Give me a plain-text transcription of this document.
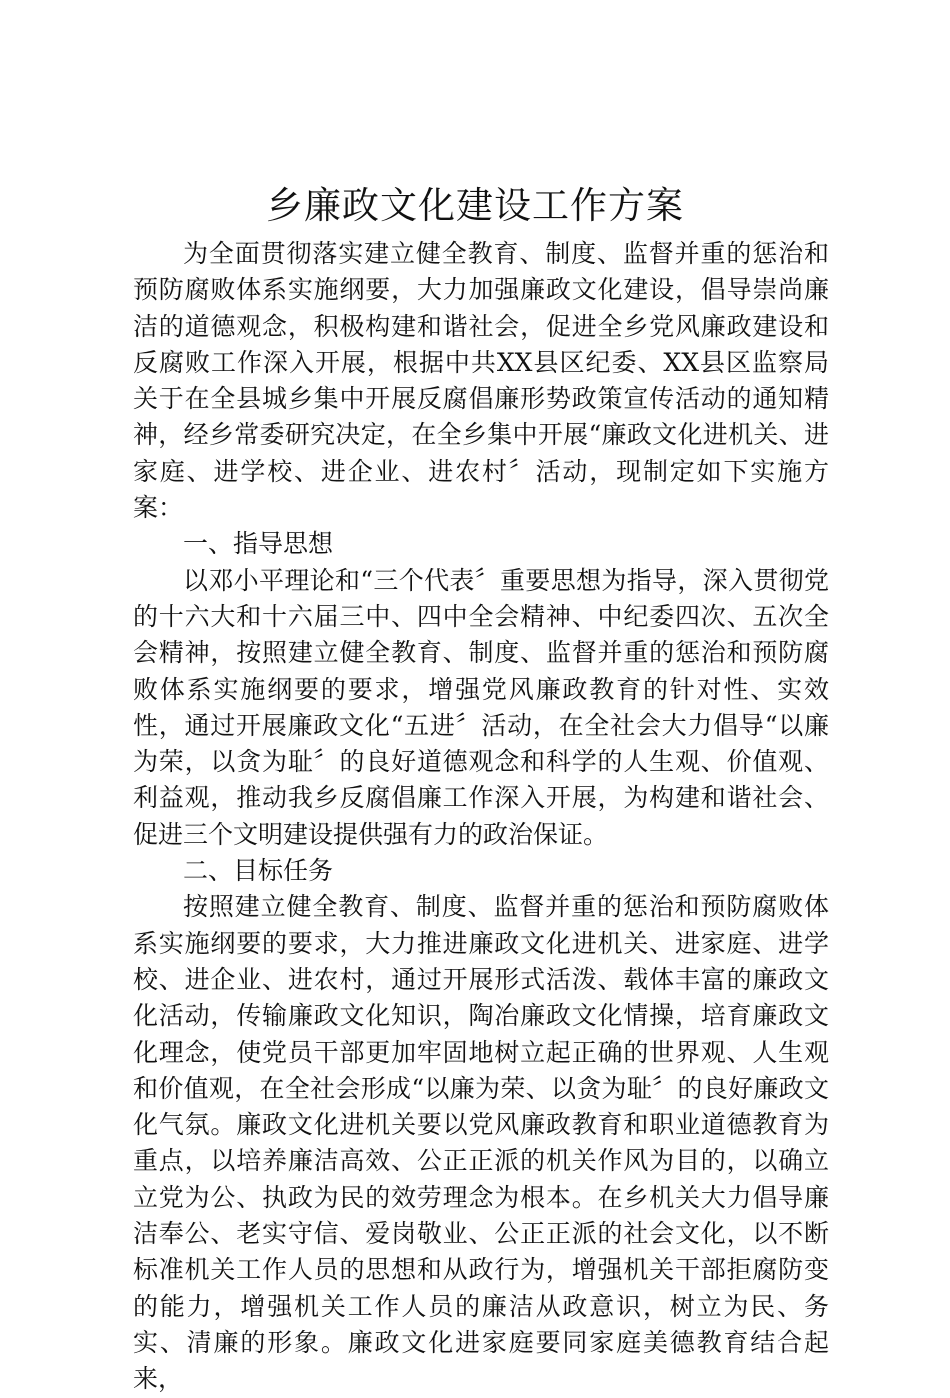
乡廉政文化建设工作方案

为全面贯彻落实建立健全教育、制度、监督并重的惩治和预防腐败体系实施纲要，大力加强廉政文化建设，倡导崇尚廉洁的道德观念，积极构建和谐社会，促进全乡党风廉政建设和反腐败工作深入开展，根据中共XX县区纪委、XX县区监察局关于在全县城乡集中开展反腐倡廉形势政策宣传活动的通知精神，经乡常委研究决定，在全乡集中开展“廉政文化进机关、进家庭、进学校、进企业、进农村〞活动，现制定如下实施方案：

一、指导思想

以邓小平理论和“三个代表〞重要思想为指导，深入贯彻党的十六大和十六届三中、四中全会精神、中纪委四次、五次全会精神，按照建立健全教育、制度、监督并重的惩治和预防腐败体系实施纲要的要求，增强党风廉政教育的针对性、实效性，通过开展廉政文化“五进〞活动，在全社会大力倡导“以廉为荣，以贪为耻〞的良好道德观念和科学的人生观、价值观、利益观，推动我乡反腐倡廉工作深入开展，为构建和谐社会、促进三个文明建设提供强有力的政治保证。

二、目标任务

按照建立健全教育、制度、监督并重的惩治和预防腐败体系实施纲要的要求，大力推进廉政文化进机关、进家庭、进学校、进企业、进农村，通过开展形式活泼、载体丰富的廉政文化活动，传输廉政文化知识，陶冶廉政文化情操，培育廉政文化理念，使党员干部更加牢固地树立起正确的世界观、人生观和价值观，在全社会形成“以廉为荣、以贪为耻〞的良好廉政文化气氛。廉政文化进机关要以党风廉政教育和职业道德教育为重点，以培养廉洁高效、公正正派的机关作风为目的，以确立立党为公、执政为民的效劳理念为根本。在乡机关大力倡导廉洁奉公、老实守信、爱岗敬业、公正正派的社会文化，以不断标准机关工作人员的思想和从政行为，增强机关干部拒腐防变的能力，增强机关工作人员的廉洁从政意识，树立为民、务实、清廉的形象。廉政文化进家庭要同家庭美德教育结合起来，
